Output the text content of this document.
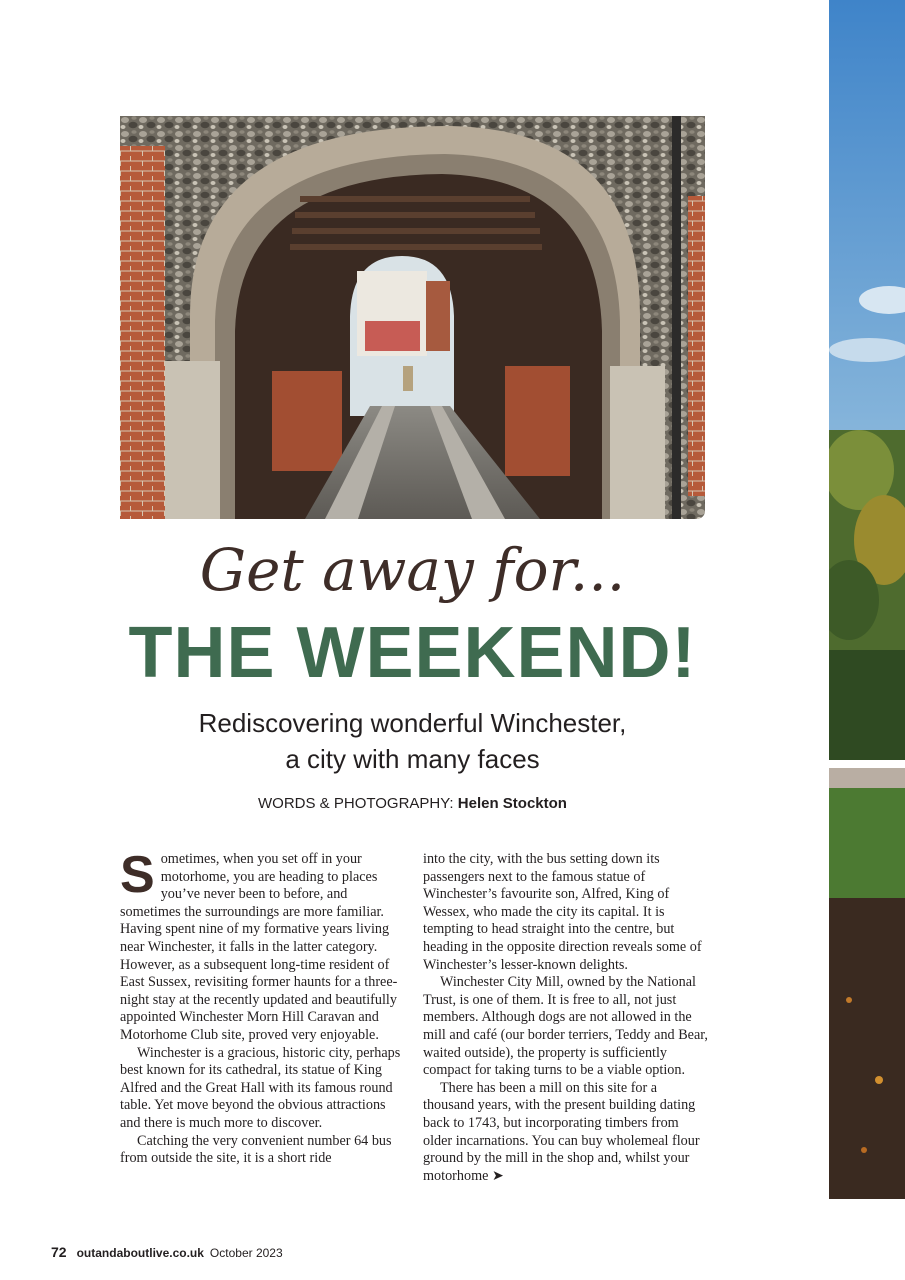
Get away for...
THE WEEKEND!
Rediscovering wonderful Winchester,
a city with many faces
WORDS & PHOTOGRAPHY: Helen Stockton

Sometimes, when you set off in your motorhome, you are heading to places you’ve never been to before, and sometimes the surroundings are more familiar. Having spent nine of my formative years living near Winchester, it falls in the latter category. However, as a subsequent long-time resident of East Sussex, revisiting former haunts for a three-night stay at the recently updated and beautifully appointed Winchester Morn Hill Caravan and Motorhome Club site, proved very enjoyable.

Winchester is a gracious, historic city, perhaps best known for its cathedral, its statue of King Alfred and the Great Hall with its famous round table. Yet move beyond the obvious attractions and there is much more to discover.

Catching the very convenient number 64 bus from outside the site, it is a short ride

into the city, with the bus setting down its passengers next to the famous statue of Winchester’s favourite son, Alfred, King of Wessex, who made the city its capital. It is tempting to head straight into the centre, but heading in the opposite direction reveals some of Winchester’s lesser-known delights.

Winchester City Mill, owned by the National Trust, is one of them. It is free to all, not just members. Although dogs are not allowed in the mill and café (our border terriers, Teddy and Bear, waited outside), the property is sufficiently compact for taking turns to be a viable option.

There has been a mill on this site for a thousand years, with the present building dating back to 1743, but incorporating timbers from older incarnations. You can buy wholemeal flour ground by the mill in the shop and, whilst your motorhome ➤

72 outandaboutlive.co.uk October 2023
